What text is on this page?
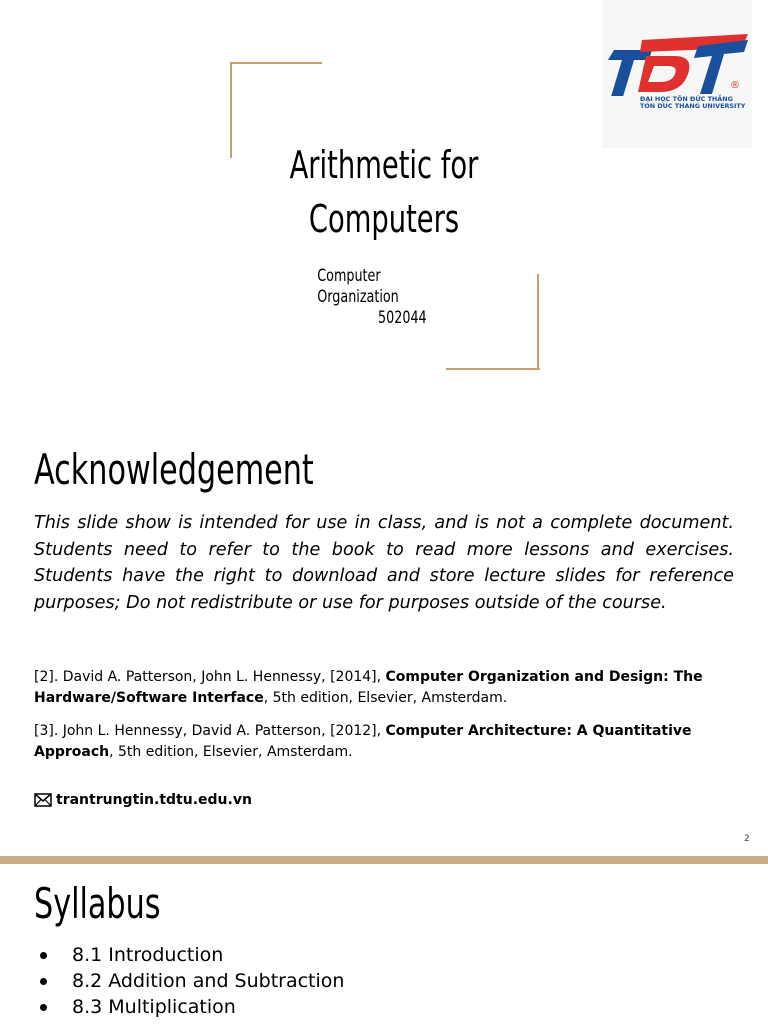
Arithmetic for
Computers
Computer Organization
502044
®
ĐẠI HỌC TÔN ĐỨC THẮNG
TON DUC THANG UNIVERSITY
Acknowledgement

This slide show is intended for use in class, and is not a complete document. Students need to refer to the book to read more lessons and exercises. Students have the right to download and store lecture slides for reference purposes; Do not redistribute or use for purposes outside of the course.

[2]. David A. Patterson, John L. Hennessy, [2014], Computer Organization and Design: The Hardware/Software Interface, 5th edition, Elsevier, Amsterdam.

[3]. John L. Hennessy, David A. Patterson, [2012], Computer Architecture: A Quantitative Approach, 5th edition, Elsevier, Amsterdam.

trantrungtin.tdtu.edu.vn
2
Syllabus
8.1 Introduction
8.2 Addition and Subtraction
8.3 Multiplication
